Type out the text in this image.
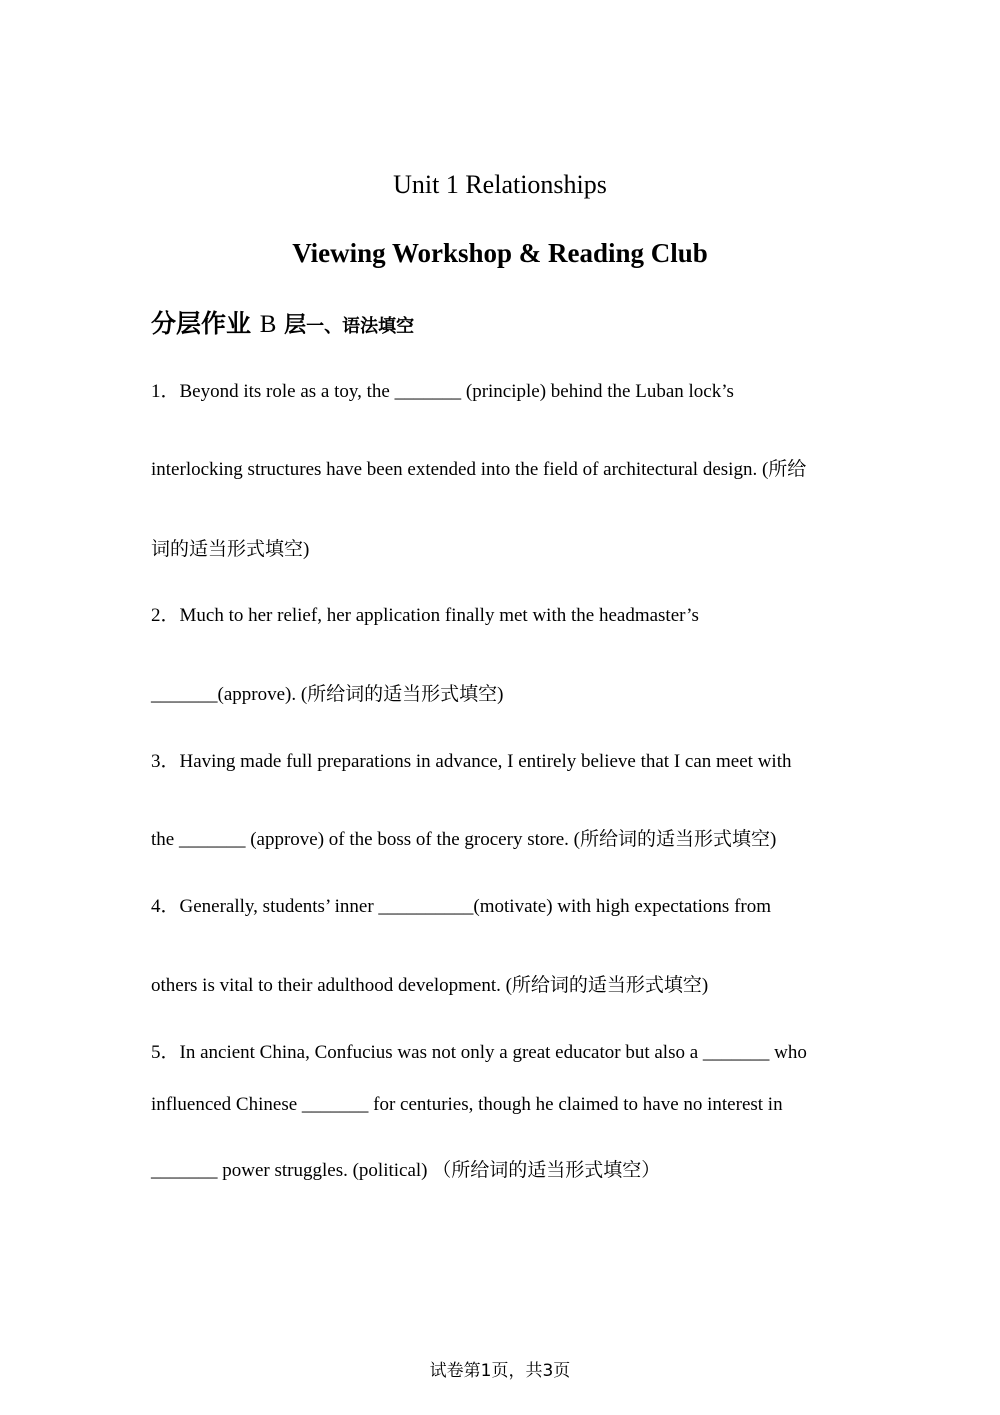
Unit 1 Relationships
Viewing Workshop & Reading Club
分层作业 B 层一、语法填空
1．Beyond its role as a toy, the _______ (principle) behind the Luban lock’s
interlocking structures have been extended into the field of architectural design. (所给
词的适当形式填空)
2．Much to her relief, her application finally met with the headmaster’s
_______(approve). (所给词的适当形式填空)
3．Having made full preparations in advance, I entirely believe that I can meet with
the _______ (approve) of the boss of the grocery store. (所给词的适当形式填空)
4．Generally, students’ inner __________(motivate) with high expectations from
others is vital to their adulthood development. (所给词的适当形式填空)
5．In ancient China, Confucius was not only a great educator but also a _______ who
influenced Chinese _______ for centuries, though he claimed to have no interest in
_______ power struggles. (political) （所给词的适当形式填空）
试卷第1页，共3页
